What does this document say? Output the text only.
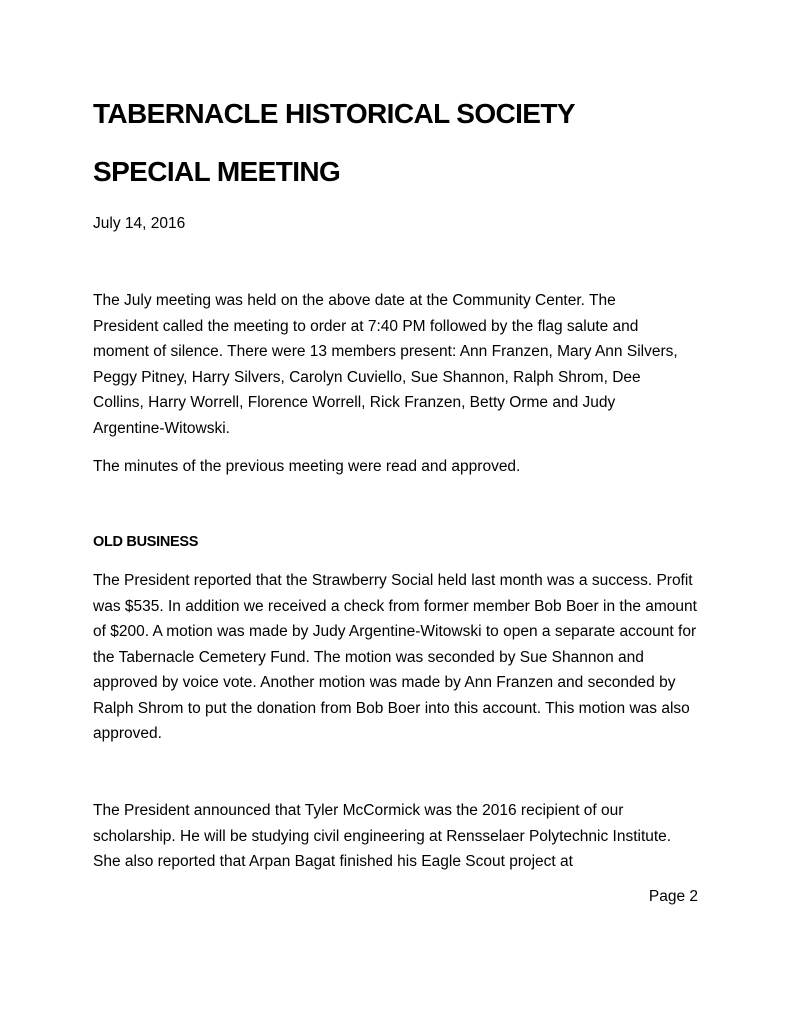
TABERNACLE HISTORICAL SOCIETY
SPECIAL MEETING
July 14, 2016

The July meeting was held on the above date at the Community Center. The President called the meeting to order at 7:40 PM followed by the flag salute and moment of silence. There were 13 members present: Ann Franzen, Mary Ann Silvers, Peggy Pitney, Harry Silvers, Carolyn Cuviello, Sue Shannon, Ralph Shrom, Dee Collins, Harry Worrell, Florence Worrell, Rick Franzen, Betty Orme and Judy Argentine-Witowski.

The minutes of the previous meeting were read and approved.

OLD BUSINESS

The President reported that the Strawberry Social held last month was a success. Profit was $535. In addition we received a check from former member Bob Boer in the amount of $200. A motion was made by Judy Argentine-Witowski to open a separate account for the Tabernacle Cemetery Fund. The motion was seconded by Sue Shannon and approved by voice vote. Another motion was made by Ann Franzen and seconded by Ralph Shrom to put the donation from Bob Boer into this account. This motion was also approved.

The President announced that Tyler McCormick was the 2016 recipient of our scholarship. He will be studying civil engineering at Rensselaer Polytechnic Institute. She also reported that Arpan Bagat finished his Eagle Scout project at

Page 2
